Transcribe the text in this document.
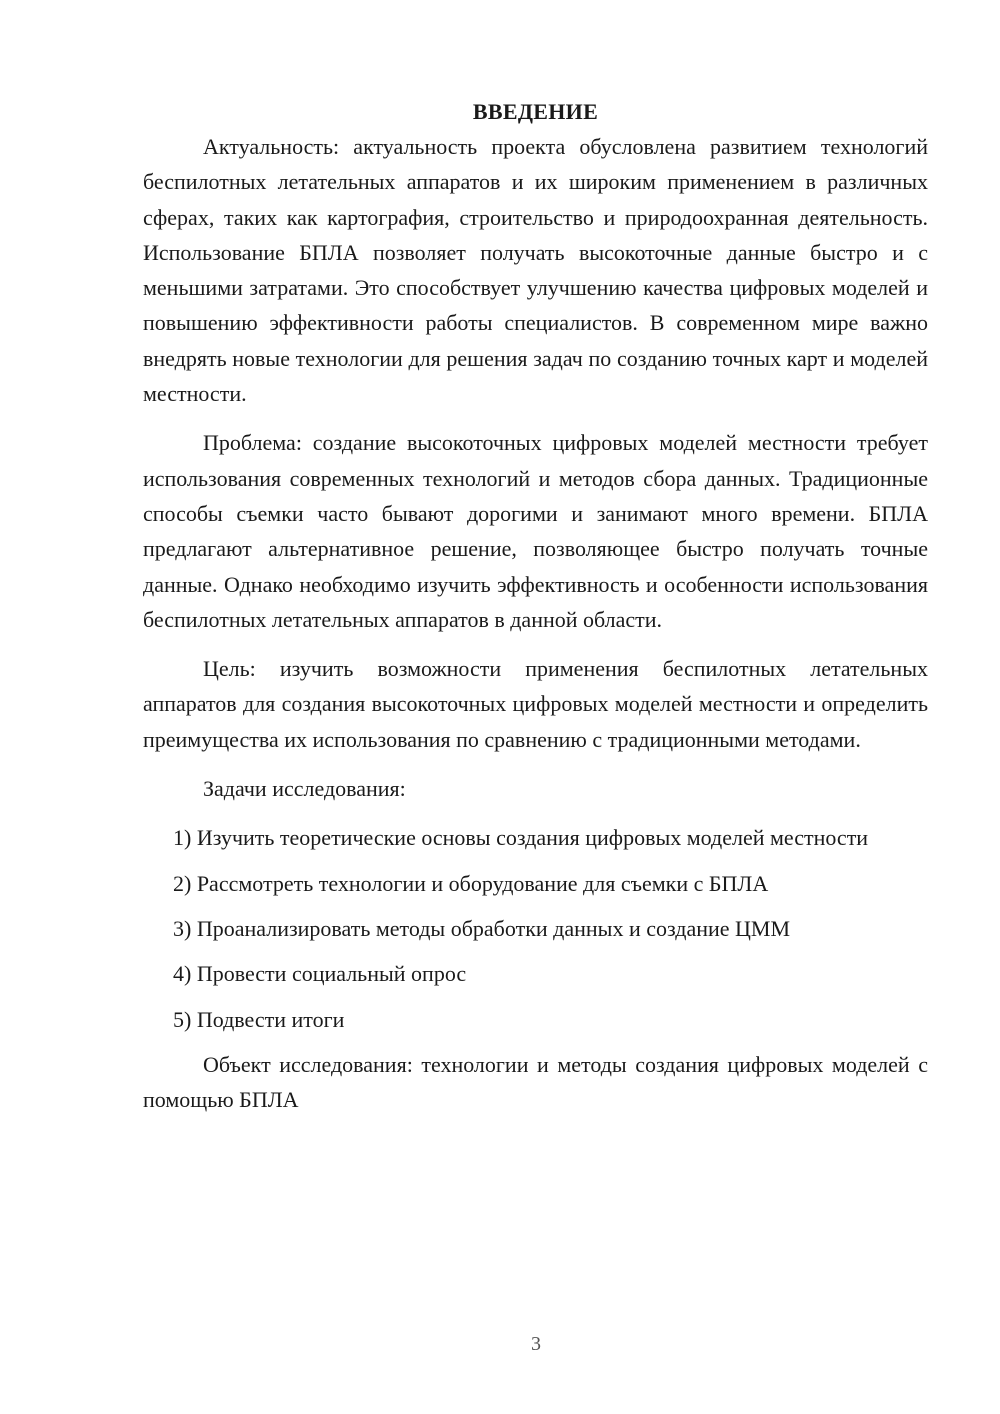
ВВЕДЕНИЕ

Актуальность: актуальность проекта обусловлена развитием технологий беспилотных летательных аппаратов и их широким применением в различных сферах, таких как картография, строительство и природоохранная деятельность. Использование БПЛА позволяет получать высокоточные данные быстро и с меньшими затратами. Это способствует улучшению качества цифровых моделей и повышению эффективности работы специалистов. В современном мире важно внедрять новые технологии для решения задач по созданию точных карт и моделей местности.

Проблема: создание высокоточных цифровых моделей местности требует использования современных технологий и методов сбора данных. Традиционные способы съемки часто бывают дорогими и занимают много времени. БПЛА предлагают альтернативное решение, позволяющее быстро получать точные данные. Однако необходимо изучить эффективность и особенности использования беспилотных летательных аппаратов в данной области.

Цель: изучить возможности применения беспилотных летательных аппаратов для создания высокоточных цифровых моделей местности и определить преимущества их использования по сравнению с традиционными методами.

Задачи исследования:

1) Изучить теоретические основы создания цифровых моделей местности

2) Рассмотреть технологии и оборудование для съемки с БПЛА

3) Проанализировать методы обработки данных и создание ЦММ

4) Провести социальный опрос

5) Подвести итоги

Объект исследования: технологии и методы создания цифровых моделей с помощью БПЛА

3
